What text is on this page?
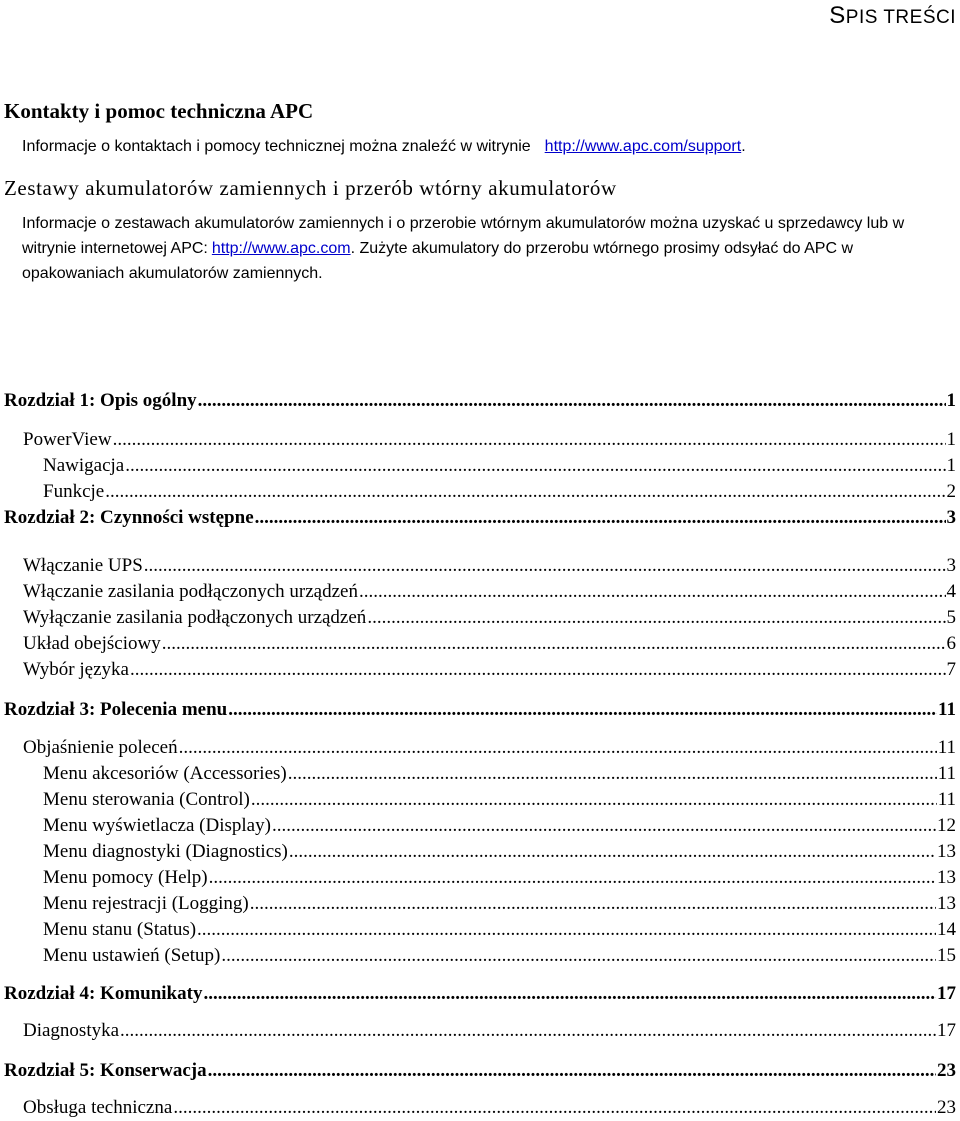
SPIS TREŚCI
Kontakty i pomoc techniczna APC

Informacje o kontaktach i pomocy technicznej można znaleźć w witrynie http://www.apc.com/support.

Zestawy akumulatorów zamiennych i przerób wtórny akumulatorów

Informacje o zestawach akumulatorów zamiennych i o przerobie wtórnym akumulatorów można uzyskać u sprzedawcy lub w witrynie internetowej APC: http://www.apc.com. Zużyte akumulatory do przerobu wtórnego prosimy odsyłać do APC w opakowaniach akumulatorów zamiennych.

Rozdział 1: Opis ogólny .....	1
PowerView .....	1
Nawigacja .....	1
Funkcje .....	2
Rozdział 2: Czynności wstępne .....	3
Włączanie UPS .....	3
Włączanie zasilania podłączonych urządzeń .....	4
Wyłączanie zasilania podłączonych urządzeń .....	5
Układ obejściowy .....	6
Wybór języka .....	7
Rozdział 3: Polecenia menu .....	11
Objaśnienie poleceń .....	11
Menu akcesoriów (Accessories) .....	11
Menu sterowania (Control) .....	11
Menu wyświetlacza (Display) .....	12
Menu diagnostyki (Diagnostics) .....	13
Menu pomocy (Help) .....	13
Menu rejestracji (Logging) .....	13
Menu stanu (Status) .....	14
Menu ustawień (Setup) .....	15
Rozdział 4: Komunikaty .....	17
Diagnostyka .....	17
Rozdział 5: Konserwacja .....	23
Obsługa techniczna .....	23
